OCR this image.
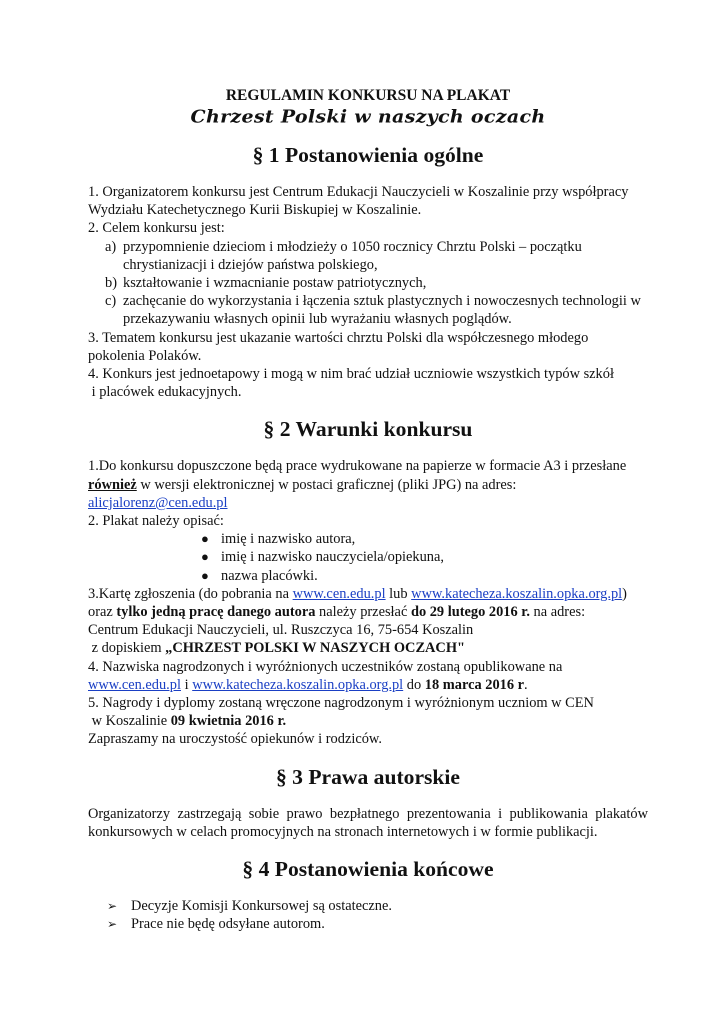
REGULAMIN KONKURSU NA PLAKAT
Chrzest Polski w naszych oczach
§ 1 Postanowienia ogólne

1. Organizatorem konkursu jest Centrum Edukacji Nauczycieli w Koszalinie przy współpracy Wydziału Katechetycznego Kurii Biskupiej w Koszalinie.

2. Celem konkursu jest:

a) przypomnienie dzieciom i młodzieży o 1050 rocznicy Chrztu Polski – początku chrystianizacji i dziejów państwa polskiego,

b) kształtowanie i wzmacnianie postaw patriotycznych,

c) zachęcanie do wykorzystania i łączenia sztuk plastycznych i nowoczesnych technologii w przekazywaniu własnych opinii lub wyrażaniu własnych poglądów.

3. Tematem konkursu jest ukazanie wartości chrztu Polski dla współczesnego młodego pokolenia Polaków.

4. Konkurs jest jednoetapowy i mogą w nim brać udział uczniowie wszystkich typów szkół

i placówek edukacyjnych.

§ 2 Warunki konkursu

1.Do konkursu dopuszczone będą prace wydrukowane na papierze w formacie A3 i przesłane
również w wersji elektronicznej w postaci graficznej (pliki JPG) na adres:
alicjalorenz@cen.edu.pl

2. Plakat należy opisać:

● imię i nazwisko autora,
● imię i nazwisko nauczyciela/opiekuna,
● nazwa placówki.

3.Kartę zgłoszenia (do pobrania na www.cen.edu.pl lub www.katecheza.koszalin.opka.org.pl)
oraz tylko jedną pracę danego autora należy przesłać do 29 lutego 2016 r. na adres:
Centrum Edukacji Nauczycieli, ul. Ruszczyca 16, 75-654 Koszalin
z dopiskiem „CHRZEST POLSKI W NASZYCH OCZACH"

4. Nazwiska nagrodzonych i wyróżnionych uczestników zostaną opublikowane na
www.cen.edu.pl i www.katecheza.koszalin.opka.org.pl do 18 marca 2016 r.

5. Nagrody i dyplomy zostaną wręczone nagrodzonym i wyróżnionym uczniom w CEN
w Koszalinie 09 kwietnia 2016 r.

Zapraszamy na uroczystość opiekunów i rodziców.

§ 3 Prawa autorskie

Organizatorzy zastrzegają sobie prawo bezpłatnego prezentowania i publikowania plakatów konkursowych w celach promocyjnych na stronach internetowych i w formie publikacji.

§ 4 Postanowienia końcowe
➢ Decyzje Komisji Konkursowej są ostateczne.
➢ Prace nie będę odsyłane autorom.
